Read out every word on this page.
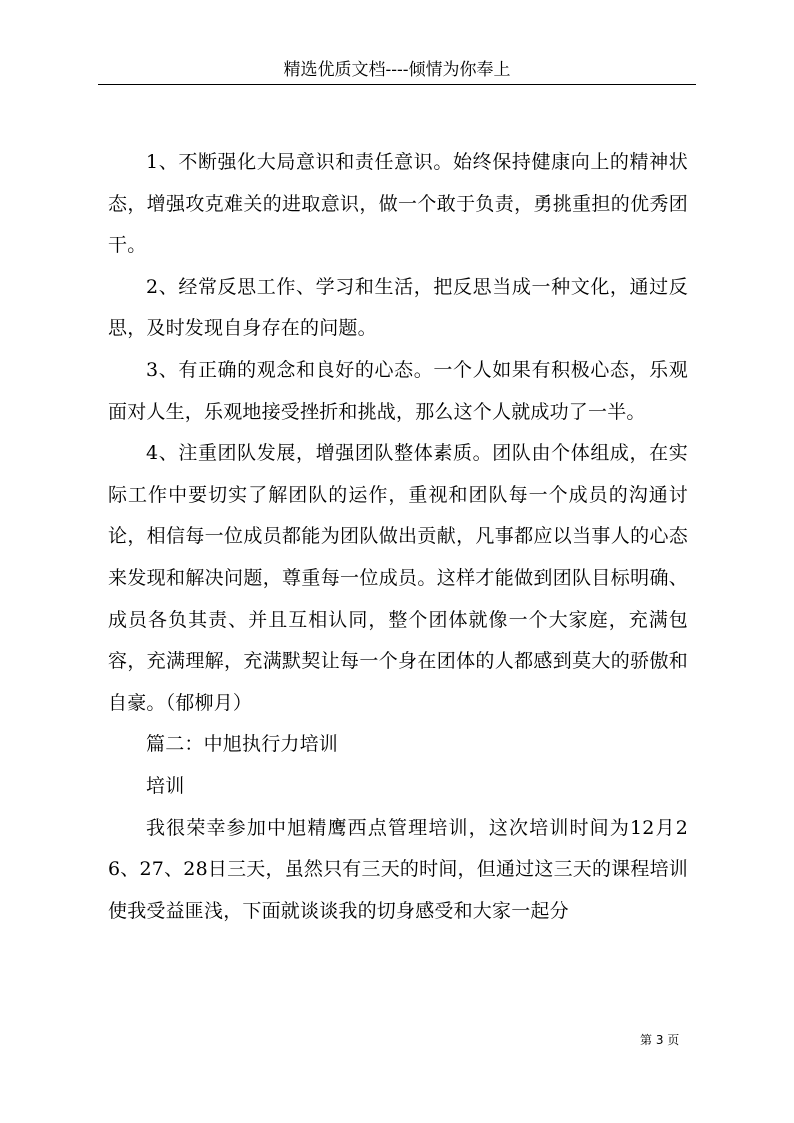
精选优质文档----倾情为你奉上

1、不断强化大局意识和责任意识。始终保持健康向上的精神状态，增强攻克难关的进取意识，做一个敢于负责，勇挑重担的优秀团干。

2、经常反思工作、学习和生活，把反思当成一种文化，通过反思，及时发现自身存在的问题。

3、有正确的观念和良好的心态。一个人如果有积极心态，乐观面对人生，乐观地接受挫折和挑战，那么这个人就成功了一半。

4、注重团队发展，增强团队整体素质。团队由个体组成，在实际工作中要切实了解团队的运作，重视和团队每一个成员的沟通讨论，相信每一位成员都能为团队做出贡献，凡事都应以当事人的心态来发现和解决问题，尊重每一位成员。这样才能做到团队目标明确、成员各负其责、并且互相认同，整个团体就像一个大家庭，充满包容，充满理解，充满默契让每一个身在团体的人都感到莫大的骄傲和自豪。（郁柳月）

篇二：中旭执行力培训

培训

我很荣幸参加中旭精鹰西点管理培训，这次培训时间为12月26、27、28日三天，虽然只有三天的时间，但通过这三天的课程培训使我受益匪浅，下面就谈谈我的切身感受和大家一起分

第 3 页
